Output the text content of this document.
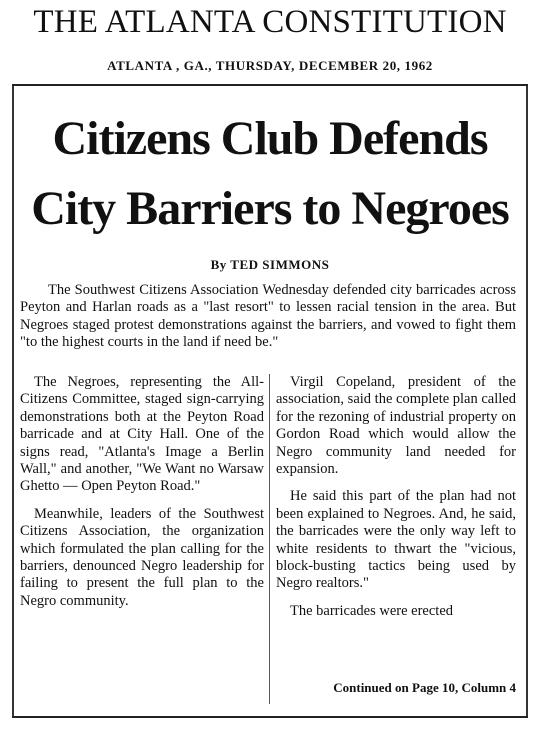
THE ATLANTA CONSTITUTION
ATLANTA , GA., THURSDAY, DECEMBER 20, 1962
Citizens Club Defends
City Barriers to Negroes
By TED SIMMONS
The Southwest Citizens Association Wednesday defended city barricades across Peyton and Harlan roads as a "last resort" to lessen racial tension in the area. But Negroes staged protest demonstrations against the barriers, and vowed to fight them "to the highest courts in the land if need be."

The Negroes, representing the All-Citizens Committee, staged sign-carrying demonstrations both at the Peyton Road barricade and at City Hall. One of the signs read, "Atlanta's Image a Berlin Wall," and another, "We Want no Warsaw Ghetto — Open Peyton Road."

Meanwhile, leaders of the Southwest Citizens Association, the organization which formulated the plan calling for the barriers, denounced Negro leadership for failing to present the full plan to the Negro community.

Virgil Copeland, president of the association, said the complete plan called for the rezoning of industrial property on Gordon Road which would allow the Negro community land needed for expansion.

He said this part of the plan had not been explained to Negroes. And, he said, the barricades were the only way left to white residents to thwart the "vicious, block-busting tactics being used by Negro realtors."

The barricades were erected

Continued on Page 10, Column 4
